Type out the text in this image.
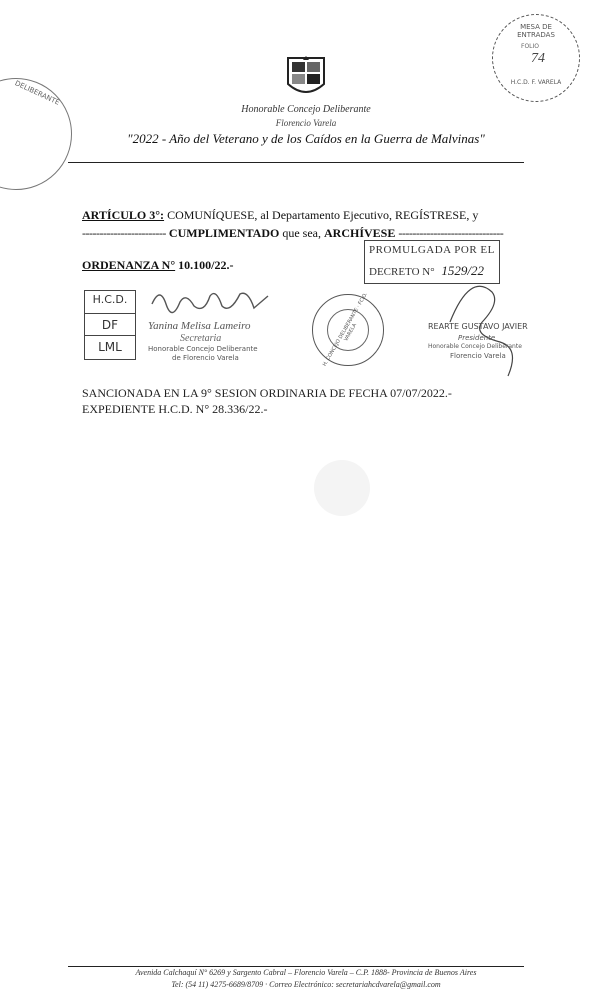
MESA DE ENTRADAS
FOLIO
74
H.C.D. F. VARELA
DELIBERANTE
Honorable Concejo Deliberante
Florencio Varela
"2022 - Año del Veterano y de los Caídos en la Guerra de Malvinas"
ARTÍCULO 3°: COMUNÍQUESE, al Departamento Ejecutivo, REGÍSTRESE, y
------------------------ CUMPLIMENTADO que sea, ARCHÍVESE ------------------------------
ORDENANZA N° 10.100/22.-
PROMULGADA POR EL
DECRETO N° 1529/22
H.C.D.
DF
LML
Yanina Melisa Lameiro
Secretaria
Honorable Concejo Deliberante
de Florencio Varela	H. CONCEJO DELIBERANTE · FCIO. VARELA	REARTE GUSTAVO JAVIER
Presidente
Honorable Concejo Deliberante
Florencio Varela
SANCIONADA EN LA 9° SESION ORDINARIA DE FECHA 07/07/2022.-
EXPEDIENTE H.C.D. N° 28.336/22.-
Avenida Calchaquí N° 6269 y Sargento Cabral – Florencio Varela – C.P. 1888- Provincia de Buenos Aires
Tel: (54 11) 4275-6689/8709 · Correo Electrónico: secretariahcdvarela@gmail.com
